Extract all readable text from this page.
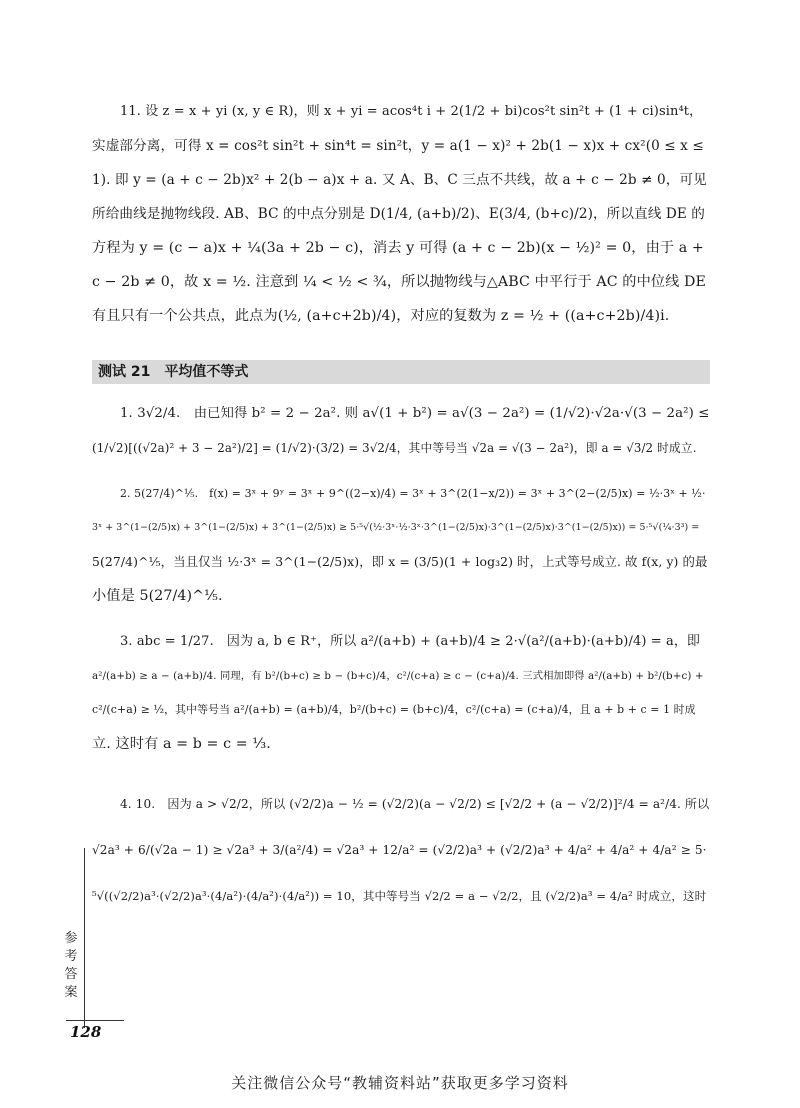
11. 设 z = x + yi (x, y ∈ R)，则 x + yi = acos⁴t i + 2(1/2 + bi)cos²t sin²t + (1 + ci)sin⁴t，
实虚部分离，可得 x = cos²t sin²t + sin⁴t = sin²t，y = a(1 − x)² + 2b(1 − x)x + cx²(0 ≤ x ≤
1). 即 y = (a + c − 2b)x² + 2(b − a)x + a. 又 A、B、C 三点不共线，故 a + c − 2b ≠ 0，可见
所给曲线是抛物线段. AB、BC 的中点分别是 D(1/4, (a+b)/2)、E(3/4, (b+c)/2)，所以直线 DE 的
方程为 y = (c − a)x + ¼(3a + 2b − c)，消去 y 可得 (a + c − 2b)(x − ½)² = 0，由于 a +
c − 2b ≠ 0，故 x = ½. 注意到 ¼ < ½ < ¾，所以抛物线与△ABC 中平行于 AC 的中位线 DE
有且只有一个公共点，此点为(½, (a+c+2b)/4)，对应的复数为 z = ½ + ((a+c+2b)/4)i.
测试 21　平均值不等式
1. 3√2/4.　由已知得 b² = 2 − 2a². 则 a√(1 + b²) = a√(3 − 2a²) = (1/√2)·√2a·√(3 − 2a²) ≤
(1/√2)[((√2a)² + 3 − 2a²)/2] = (1/√2)·(3/2) = 3√2/4，其中等号当 √2a = √(3 − 2a²)，即 a = √3/2 时成立.
2. 5(27/4)^⅕.　f(x) = 3ˣ + 9ʸ = 3ˣ + 9^((2−x)/4) = 3ˣ + 3^(2(1−x/2)) = 3ˣ + 3^(2−(2/5)x) = ½·3ˣ + ½·
3ˣ + 3^(1−(2/5)x) + 3^(1−(2/5)x) + 3^(1−(2/5)x) ≥ 5·⁵√(½·3ˣ·½·3ˣ·3^(1−(2/5)x)·3^(1−(2/5)x)·3^(1−(2/5)x)) = 5·⁵√(¼·3³) =
5(27/4)^⅕，当且仅当 ½·3ˣ = 3^(1−(2/5)x)，即 x = (3/5)(1 + log₃2) 时，上式等号成立. 故 f(x, y) 的最
小值是 5(27/4)^⅕.
3. abc = 1/27.　因为 a, b ∈ R⁺，所以 a²/(a+b) + (a+b)/4 ≥ 2·√(a²/(a+b)·(a+b)/4) = a，即
a²/(a+b) ≥ a − (a+b)/4. 同理，有 b²/(b+c) ≥ b − (b+c)/4，c²/(c+a) ≥ c − (c+a)/4. 三式相加即得 a²/(a+b) + b²/(b+c) +
c²/(c+a) ≥ ½，其中等号当 a²/(a+b) = (a+b)/4，b²/(b+c) = (b+c)/4，c²/(c+a) = (c+a)/4，且 a + b + c = 1 时成
立. 这时有 a = b = c = ⅓.
4. 10.　因为 a > √2/2，所以 (√2/2)a − ½ = (√2/2)(a − √2/2) ≤ [√2/2 + (a − √2/2)]²/4 = a²/4. 所以
√2a³ + 6/(√2a − 1) ≥ √2a³ + 3/(a²/4) = √2a³ + 12/a² = (√2/2)a³ + (√2/2)a³ + 4/a² + 4/a² + 4/a² ≥ 5·
⁵√((√2/2)a³·(√2/2)a³·(4/a²)·(4/a²)·(4/a²)) = 10，其中等号当 √2/2 = a − √2/2，且 (√2/2)a³ = 4/a² 时成立，这时
参考答案
128
关注微信公众号“教辅资料站”获取更多学习资料
